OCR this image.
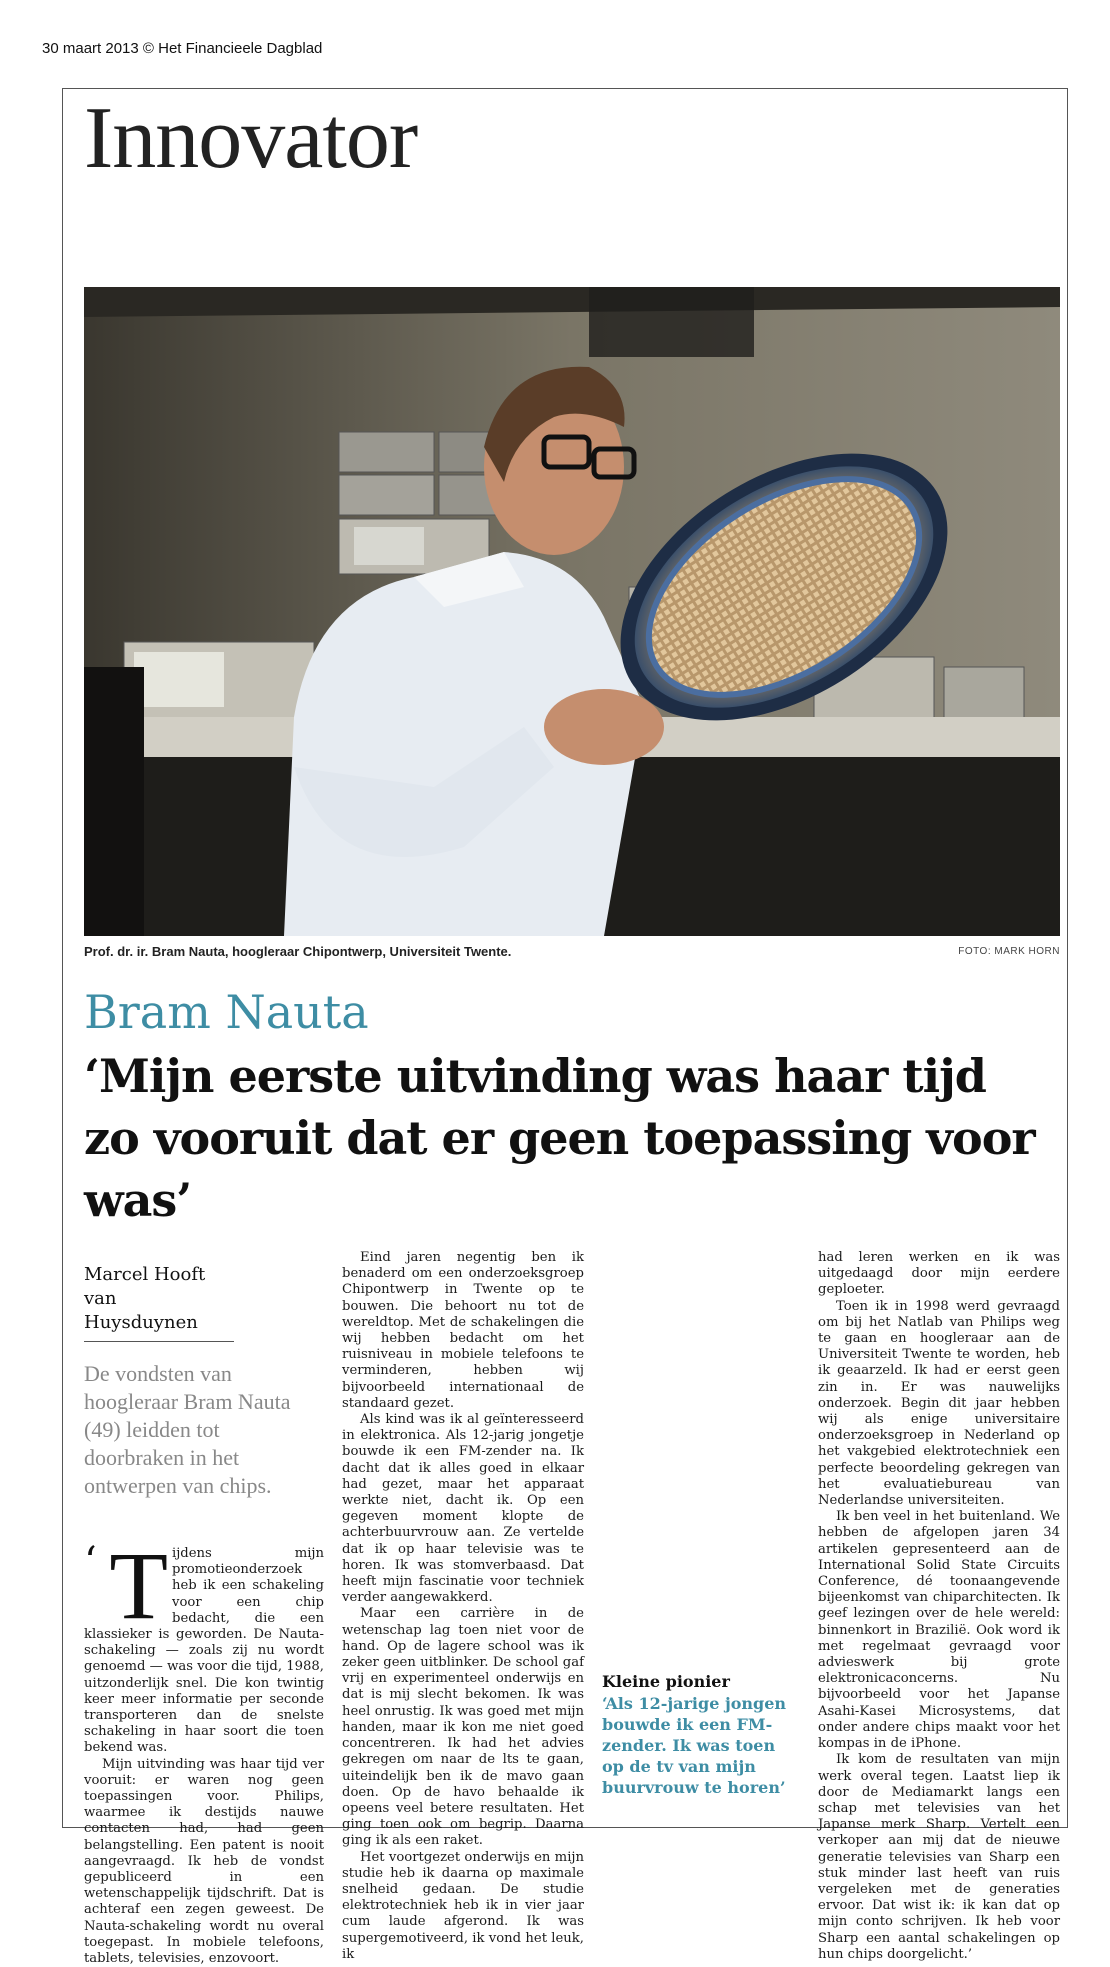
30 maart 2013 © Het Financieele Dagblad
Innovator
Prof. dr. ir. Bram Nauta, hoogleraar Chipontwerp, Universiteit Twente.	FOTO: MARK HORN
Bram Nauta
‘Mijn eerste uitvinding was haar tijd zo vooruit dat er geen toepassing voor was’
Marcel Hooft
van Huysduynen
De vondsten van hoogleraar Bram Nauta (49) leidden tot doorbraken in het ontwerpen van chips.
‘ T ijdens mijn promotieonderzoek heb ik een schakeling voor een chip bedacht, die een klassieker is geworden. De Nauta-schakeling — zoals zij nu wordt genoemd — was voor die tijd, 1988, uitzonderlijk snel. Die kon twintig keer meer informatie per seconde transporteren dan de snelste schakeling in haar soort die toen bekend was.

Mijn uitvinding was haar tijd ver vooruit: er waren nog geen toepassingen voor. Philips, waarmee ik destijds nauwe contacten had, had geen belangstelling. Een patent is nooit aangevraagd. Ik heb de vondst gepubliceerd in een wetenschappelijk tijdschrift. Dat is achteraf een zegen geweest. De Nauta-schakeling wordt nu overal toegepast. In mobiele telefoons, tablets, televisies, enzovoort.

Eind jaren negentig ben ik benaderd om een onderzoeksgroep Chipontwerp in Twente op te bouwen. Die behoort nu tot de wereldtop. Met de schakelingen die wij hebben bedacht om het ruisniveau in mobiele telefoons te verminderen, hebben wij bijvoorbeeld internationaal de standaard gezet.

Als kind was ik al geïnteresseerd in elektronica. Als 12-jarig jongetje bouwde ik een FM-zender na. Ik dacht dat ik alles goed in elkaar had gezet, maar het apparaat werkte niet, dacht ik. Op een gegeven moment klopte de achterbuurvrouw aan. Ze vertelde dat ik op haar televisie was te horen. Ik was stomverbaasd. Dat heeft mijn fascinatie voor techniek verder aangewakkerd.

Maar een carrière in de wetenschap lag toen niet voor de hand. Op de lagere school was ik zeker geen uitblinker. De school gaf vrij en experimenteel onderwijs en dat is mij slecht bekomen. Ik was heel onrustig. Ik was goed met mijn handen, maar ik kon me niet goed concentreren. Ik had het advies gekregen om naar de lts te gaan, uiteindelijk ben ik de mavo gaan doen. Op de havo behaalde ik opeens veel betere resultaten. Het ging toen ook om begrip. Daarna ging ik als een raket.

Het voortgezet onderwijs en mijn studie heb ik daarna op maximale snelheid gedaan. De studie elektrotechniek heb ik in vier jaar cum laude afgerond. Ik was supergemotiveerd, ik vond het leuk, ik

Kleine pionier
‘Als 12-jarige jongen bouwde ik een FM-zender. Ik was toen op de tv van mijn buurvrouw te horen’

had leren werken en ik was uitgedaagd door mijn eerdere geploeter.

Toen ik in 1998 werd gevraagd om bij het Natlab van Philips weg te gaan en hoogleraar aan de Universiteit Twente te worden, heb ik geaarzeld. Ik had er eerst geen zin in. Er was nauwelijks onderzoek. Begin dit jaar hebben wij als enige universitaire onderzoeksgroep in Nederland op het vakgebied elektrotechniek een perfecte beoordeling gekregen van het evaluatiebureau van Nederlandse universiteiten.

Ik ben veel in het buitenland. We hebben de afgelopen jaren 34 artikelen gepresenteerd aan de International Solid State Circuits Conference, dé toonaangevende bijeenkomst van chiparchitecten. Ik geef lezingen over de hele wereld: binnenkort in Brazilië. Ook word ik met regelmaat gevraagd voor advieswerk bij grote elektronicaconcerns. Nu bijvoorbeeld voor het Japanse Asahi-Kasei Microsystems, dat onder andere chips maakt voor het kompas in de iPhone.

Ik kom de resultaten van mijn werk overal tegen. Laatst liep ik door de Mediamarkt langs een schap met televisies van het Japanse merk Sharp. Vertelt een verkoper aan mij dat de nieuwe generatie televisies van Sharp een stuk minder last heeft van ruis vergeleken met de generaties ervoor. Dat wist ik: ik kan dat op mijn conto schrijven. Ik heb voor Sharp een aantal schakelingen op hun chips doorgelicht.’
